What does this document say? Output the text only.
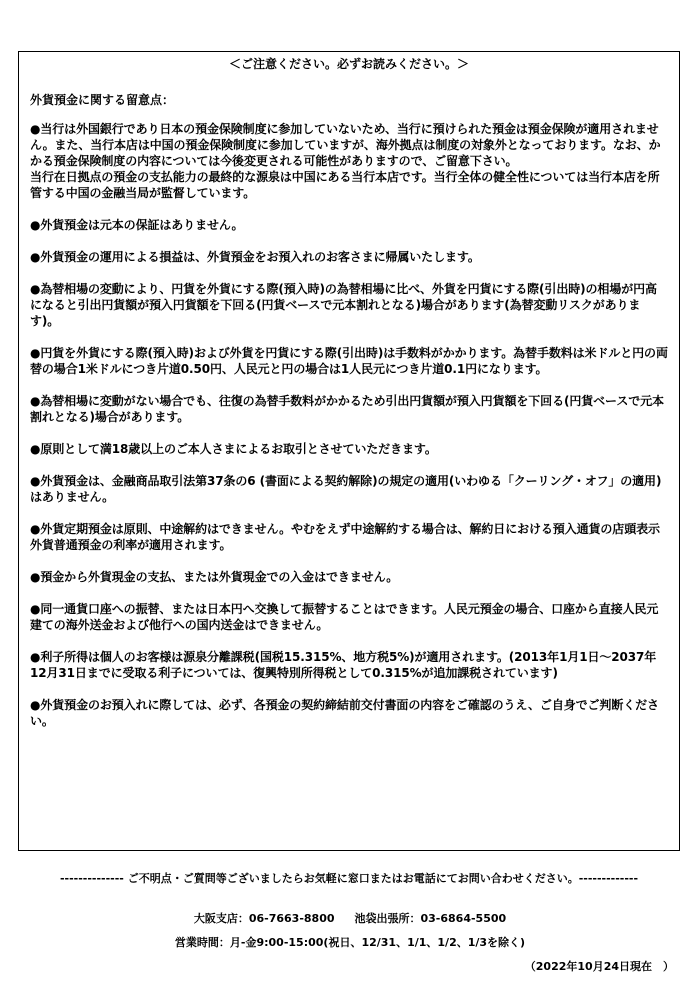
＜ご注意ください。必ずお読みください。＞
外貨預金に関する留意点：

●当行は外国銀行であり日本の預金保険制度に参加していないため、当行に預けられた預金は預金保険が適用されません。また、当行本店は中国の預金保険制度に参加していますが、海外拠点は制度の対象外となっております。なお、かかる預金保険制度の内容については今後変更される可能性がありますので、ご留意下さい。

当行在日拠点の預金の支払能力の最終的な源泉は中国にある当行本店です。当行全体の健全性については当行本店を所管する中国の金融当局が監督しています。

●外貨預金は元本の保証はありません。

●外貨預金の運用による損益は、外貨預金をお預入れのお客さまに帰属いたします。

●為替相場の変動により、円貨を外貨にする際(預入時)の為替相場に比べ、外貨を円貨にする際(引出時)の相場が円高になると引出円貨額が預入円貨額を下回る(円貨ベースで元本割れとなる)場合があります(為替変動リスクがあります)。

●円貨を外貨にする際(預入時)および外貨を円貨にする際(引出時)は手数料がかかります。為替手数料は米ドルと円の両替の場合1米ドルにつき片道0.50円、人民元と円の場合は1人民元につき片道0.1円になります。

●為替相場に変動がない場合でも、往復の為替手数料がかかるため引出円貨額が預入円貨額を下回る(円貨ベースで元本割れとなる)場合があります。

●原則として満18歳以上のご本人さまによるお取引とさせていただきます。

●外貨預金は、金融商品取引法第37条の6 (書面による契約解除)の規定の適用(いわゆる「クーリング・オフ」の適用)はありません。

●外貨定期預金は原則、中途解約はできません。やむをえず中途解約する場合は、解約日における預入通貨の店頭表示外貨普通預金の利率が適用されます。

●預金から外貨現金の支払、または外貨現金での入金はできません。

●同一通貨口座への振替、または日本円へ交換して振替することはできます。人民元預金の場合、口座から直接人民元建ての海外送金および他行への国内送金はできません。

●利子所得は個人のお客様は源泉分離課税(国税15.315%、地方税5%)が適用されます。(2013年1月1日～2037年12月31日までに受取る利子については、復興特別所得税として0.315%が追加課税されています)

●外貨預金のお預入れに際しては、必ず、各預金の契約締結前交付書面の内容をご確認のうえ、ご自身でご判断ください。

-------------- ご不明点・ご質問等ございましたらお気軽に窓口またはお電話にてお問い合わせください。-------------
大阪支店：06-7663-8800 池袋出張所：03-6864-5500
営業時間：月-金9:00-15:00(祝日、12/31、1/1、1/2、1/3を除く)
（2022年10月24日現在　）
